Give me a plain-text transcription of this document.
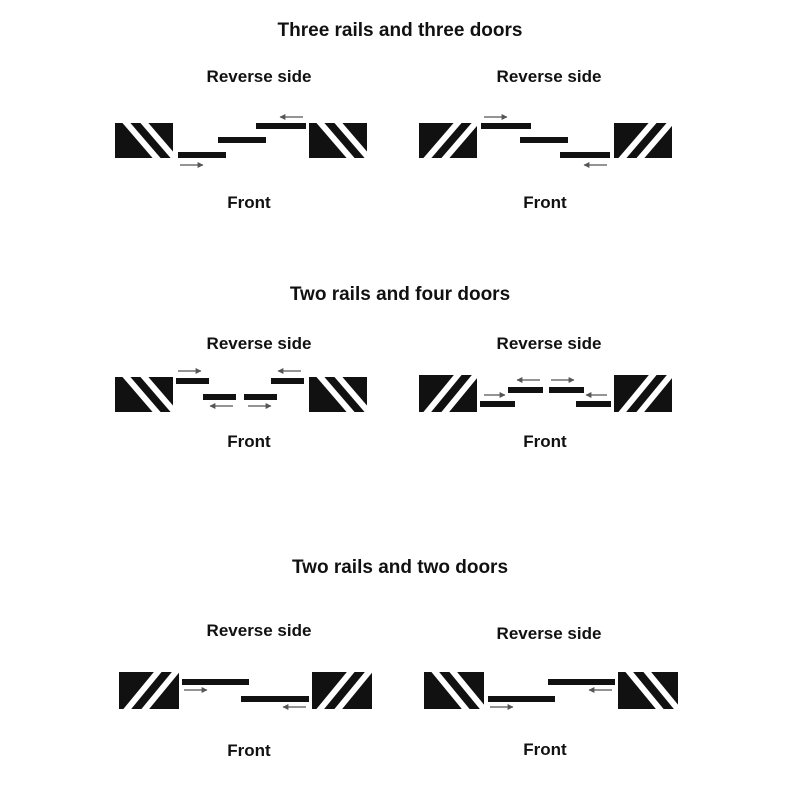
Three rails and three doors
Two rails and four doors
Two rails and two doors
Reverse side
Front
Reverse side
Front
Reverse side
Front
Reverse side
Front
Reverse side
Front
Reverse side
Front
